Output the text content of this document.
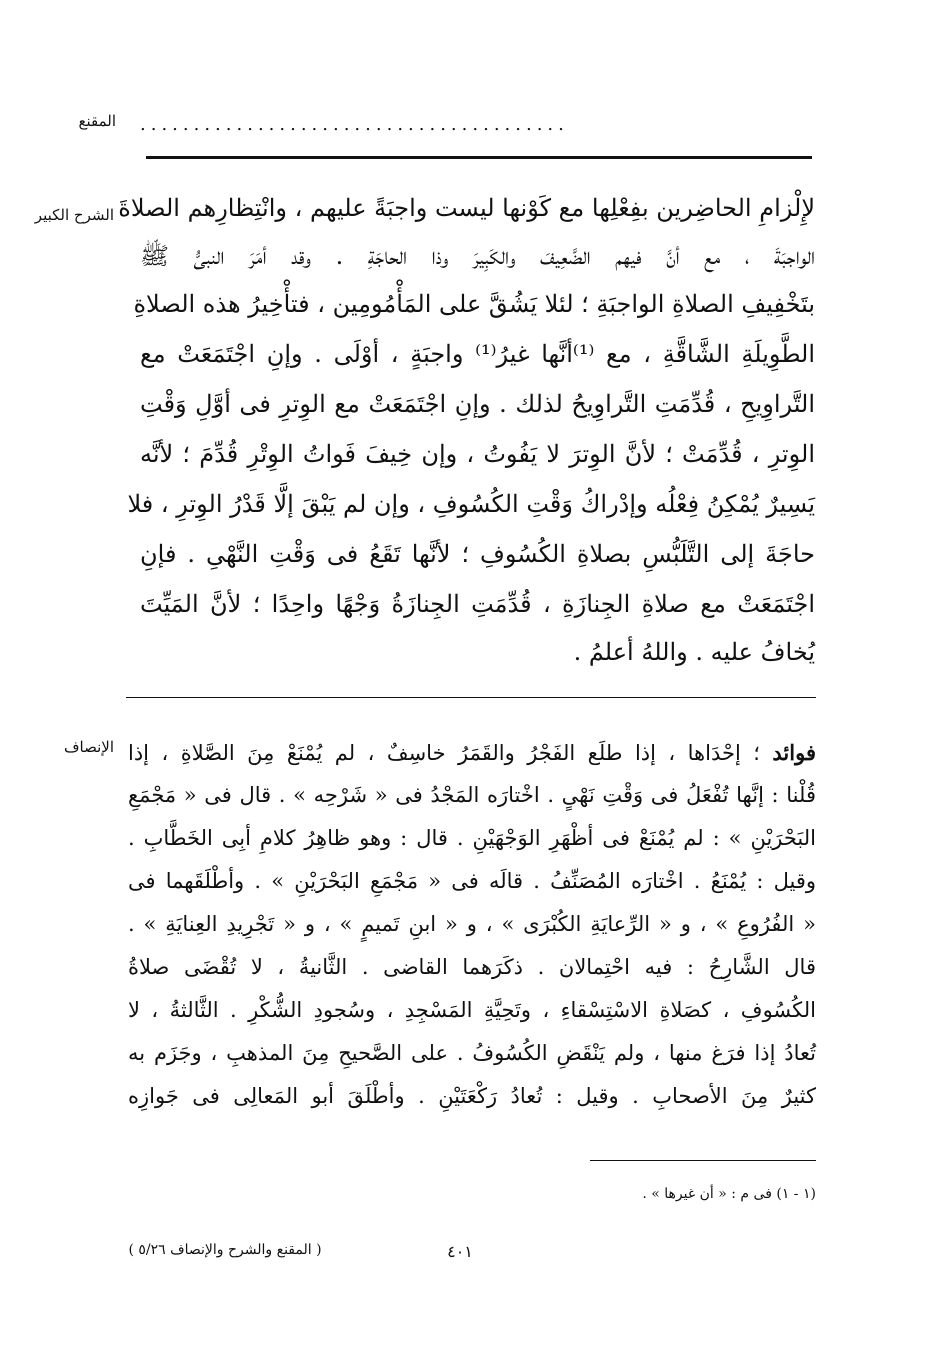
المقنع ........................................
الشرح الكبير لإِلْزامِ الحاضِرين بفِعْلِها مع كَوْنها ليست واجبَةً عليهم ، وانْتِظارِهم الصلاةَ
الواجبَةَ ، مع أنَّ فيهم الضَّعِيفَ والكَبِيرَ وذا الحاجَةِ . وقد أمَرَ النبىُّ ﷺ
بتَخْفِيفِ الصلاةِ الواجبَةِ ؛ لئلا يَشُقَّ على المَأْمُومِين ، فتأْخِيرُ هذه الصلاةِ
الطَّوِيلَةِ الشَّاقَّةِ ، مع ⁽¹⁾أنَّها غيرُ⁽¹⁾ واجبَةٍ ، أوْلَى . وإنِ اجْتَمَعَتْ مع
التَّراوِيحِ ، قُدِّمَتِ التَّراوِيحُ لذلك . وإنِ اجْتَمَعَتْ مع الوِترِ فى أوَّلِ وَقْتِ
الوِترِ ، قُدِّمَتْ ؛ لأنَّ الوِترَ لا يَفُوتُ ، وإن خِيفَ فَواتُ الوِتْرِ قُدِّمَ ؛ لأنَّه
يَسِيرٌ يُمْكِنُ فِعْلُه وإدْراكُ وَقْتِ الكُسُوفِ ، وإن لم يَبْقَ إلَّا قَدْرُ الوِترِ ، فلا
حاجَةَ إلى التَّلَبُّسِ بصلاةِ الكُسُوفِ ؛ لأنَّها تَقَعُ فى وَقْتِ النَّهْىِ . فإنِ
اجْتَمَعَتْ مع صلاةِ الجِنازَةِ ، قُدِّمَتِ الجِنازَةُ وَجْهًا واحِدًا ؛ لأنَّ المَيِّتَ
يُخافُ عليه . واللهُ أعلمُ .
الإنصاف	فوائد ؛ إحْدَاها ، إذا طلَع الفَجْرُ والقَمَرُ خاسِفٌ ، لم يُمْنَعْ مِنَ الصَّلاةِ ، إذا
قُلْنا : إنَّها تُفْعَلُ فى وَقْتِ نَهْىٍ . اخْتارَه المَجْدُ فى « شَرْحِه » . قال فى « مَجْمَعِ
البَحْرَيْنِ » : لم يُمْنَعْ فى أظْهَرِ الوَجْهَيْنِ . قال : وهو ظاهِرُ كلامِ أبِى الخَطَّابِ .
وقيل : يُمْنَعُ . اخْتارَه المُصَنِّفُ . قالَه فى « مَجْمَعِ البَحْرَيْنِ » . وأطْلَقَهما فى
« الفُرُوعِ » ، و « الرِّعايَةِ الكُبْرَى » ، و « ابنِ تَميمٍ » ، و « تَجْرِيدِ العِنايَةِ » .
قال الشَّارِحُ : فيه احْتِمالان . ذكَرَهما القاضى . الثَّانيةُ ، لا تُقْضَى صلاةُ
الكُسُوفِ ، كصَلاةِ الاسْتِسْقاءِ ، وتَحِيَّةِ المَسْجِدِ ، وسُجودِ الشُّكْرِ . الثَّالثةُ ، لا
تُعادُ إذا فرَغ منها ، ولم يَنْقَضِ الكُسُوفُ . على الصَّحيحِ مِنَ المذهبِ ، وجَزَم به
كثيرٌ مِنَ الأصحابِ . وقيل : تُعادُ رَكْعَتَيْنِ . وأطْلَقَ أبو المَعالِى فى جَوازِه
(١ - ١) فى م : « أن غيرها » .
٤٠١
( المقنع والشرح والإنصاف ٥/٢٦ )
